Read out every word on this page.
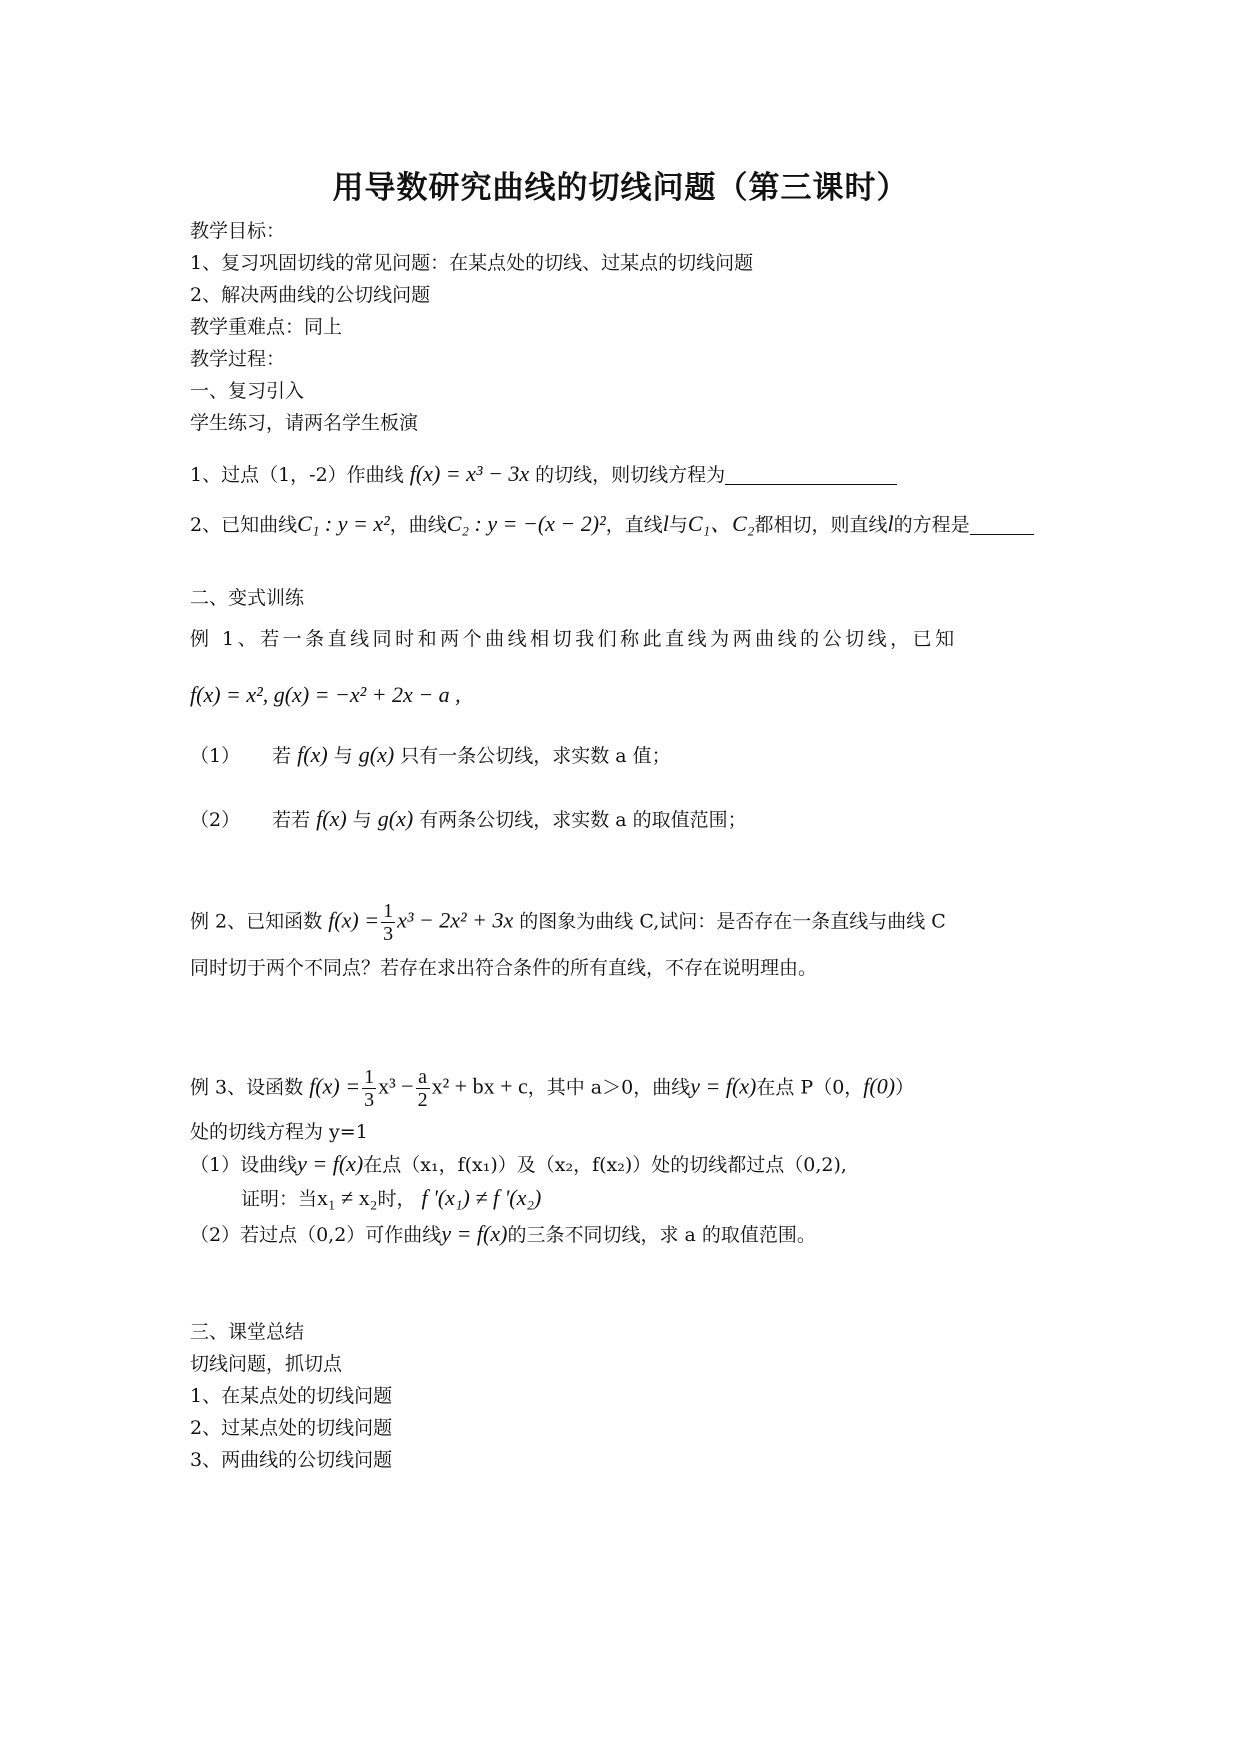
用导数研究曲线的切线问题（第三课时）
教学目标：
1、复习巩固切线的常见问题：在某点处的切线、过某点的切线问题
2、解决两曲线的公切线问题
教学重难点：同上
教学过程：
一、复习引入
学生练习，请两名学生板演
1、过点（1，-2）作曲线 f(x) = x³ − 3x 的切线，则切线方程为
2、已知曲线C₁ : y = x²，曲线C₂ : y = −(x − 2)²，直线l与C₁、C₂都相切，则直线l的方程是
二、变式训练
例 1、若一条直线同时和两个曲线相切我们称此直线为两曲线的公切线，已知
f(x) = x², g(x) = −x² + 2x − a ,
（1） 若 f(x) 与 g(x) 只有一条公切线，求实数 a 值；
（2） 若若 f(x) 与 g(x) 有两条公切线，求实数 a 的取值范围；
例 2、已知函数 $f(x) = \frac{1}{3} x^3 - 2x^2 + 3x$ 的图象为曲线 C,试问：是否存在一条直线与曲线 C
同时切于两个不同点？若存在求出符合条件的所有直线，不存在说明理由。
例 3、设函数 $f(x) = \frac{1}{3} x^3 - \frac{a}{2} x^2$ + bx + c，其中 a＞0，曲线y = f(x)在点 P（0，f(0)）
处的切线方程为 y=1
（1）设曲线y = f(x)在点（x₁，f(x₁)）及（x₂，f(x₂)）处的切线都过点（0,2),
证明：当x₁ ≠ x₂时， f '(x₁) ≠ f '(x₂)
（2）若过点（0,2）可作曲线y = f(x)的三条不同切线，求 a 的取值范围。
三、课堂总结
切线问题，抓切点
1、在某点处的切线问题
2、过某点处的切线问题
3、两曲线的公切线问题
